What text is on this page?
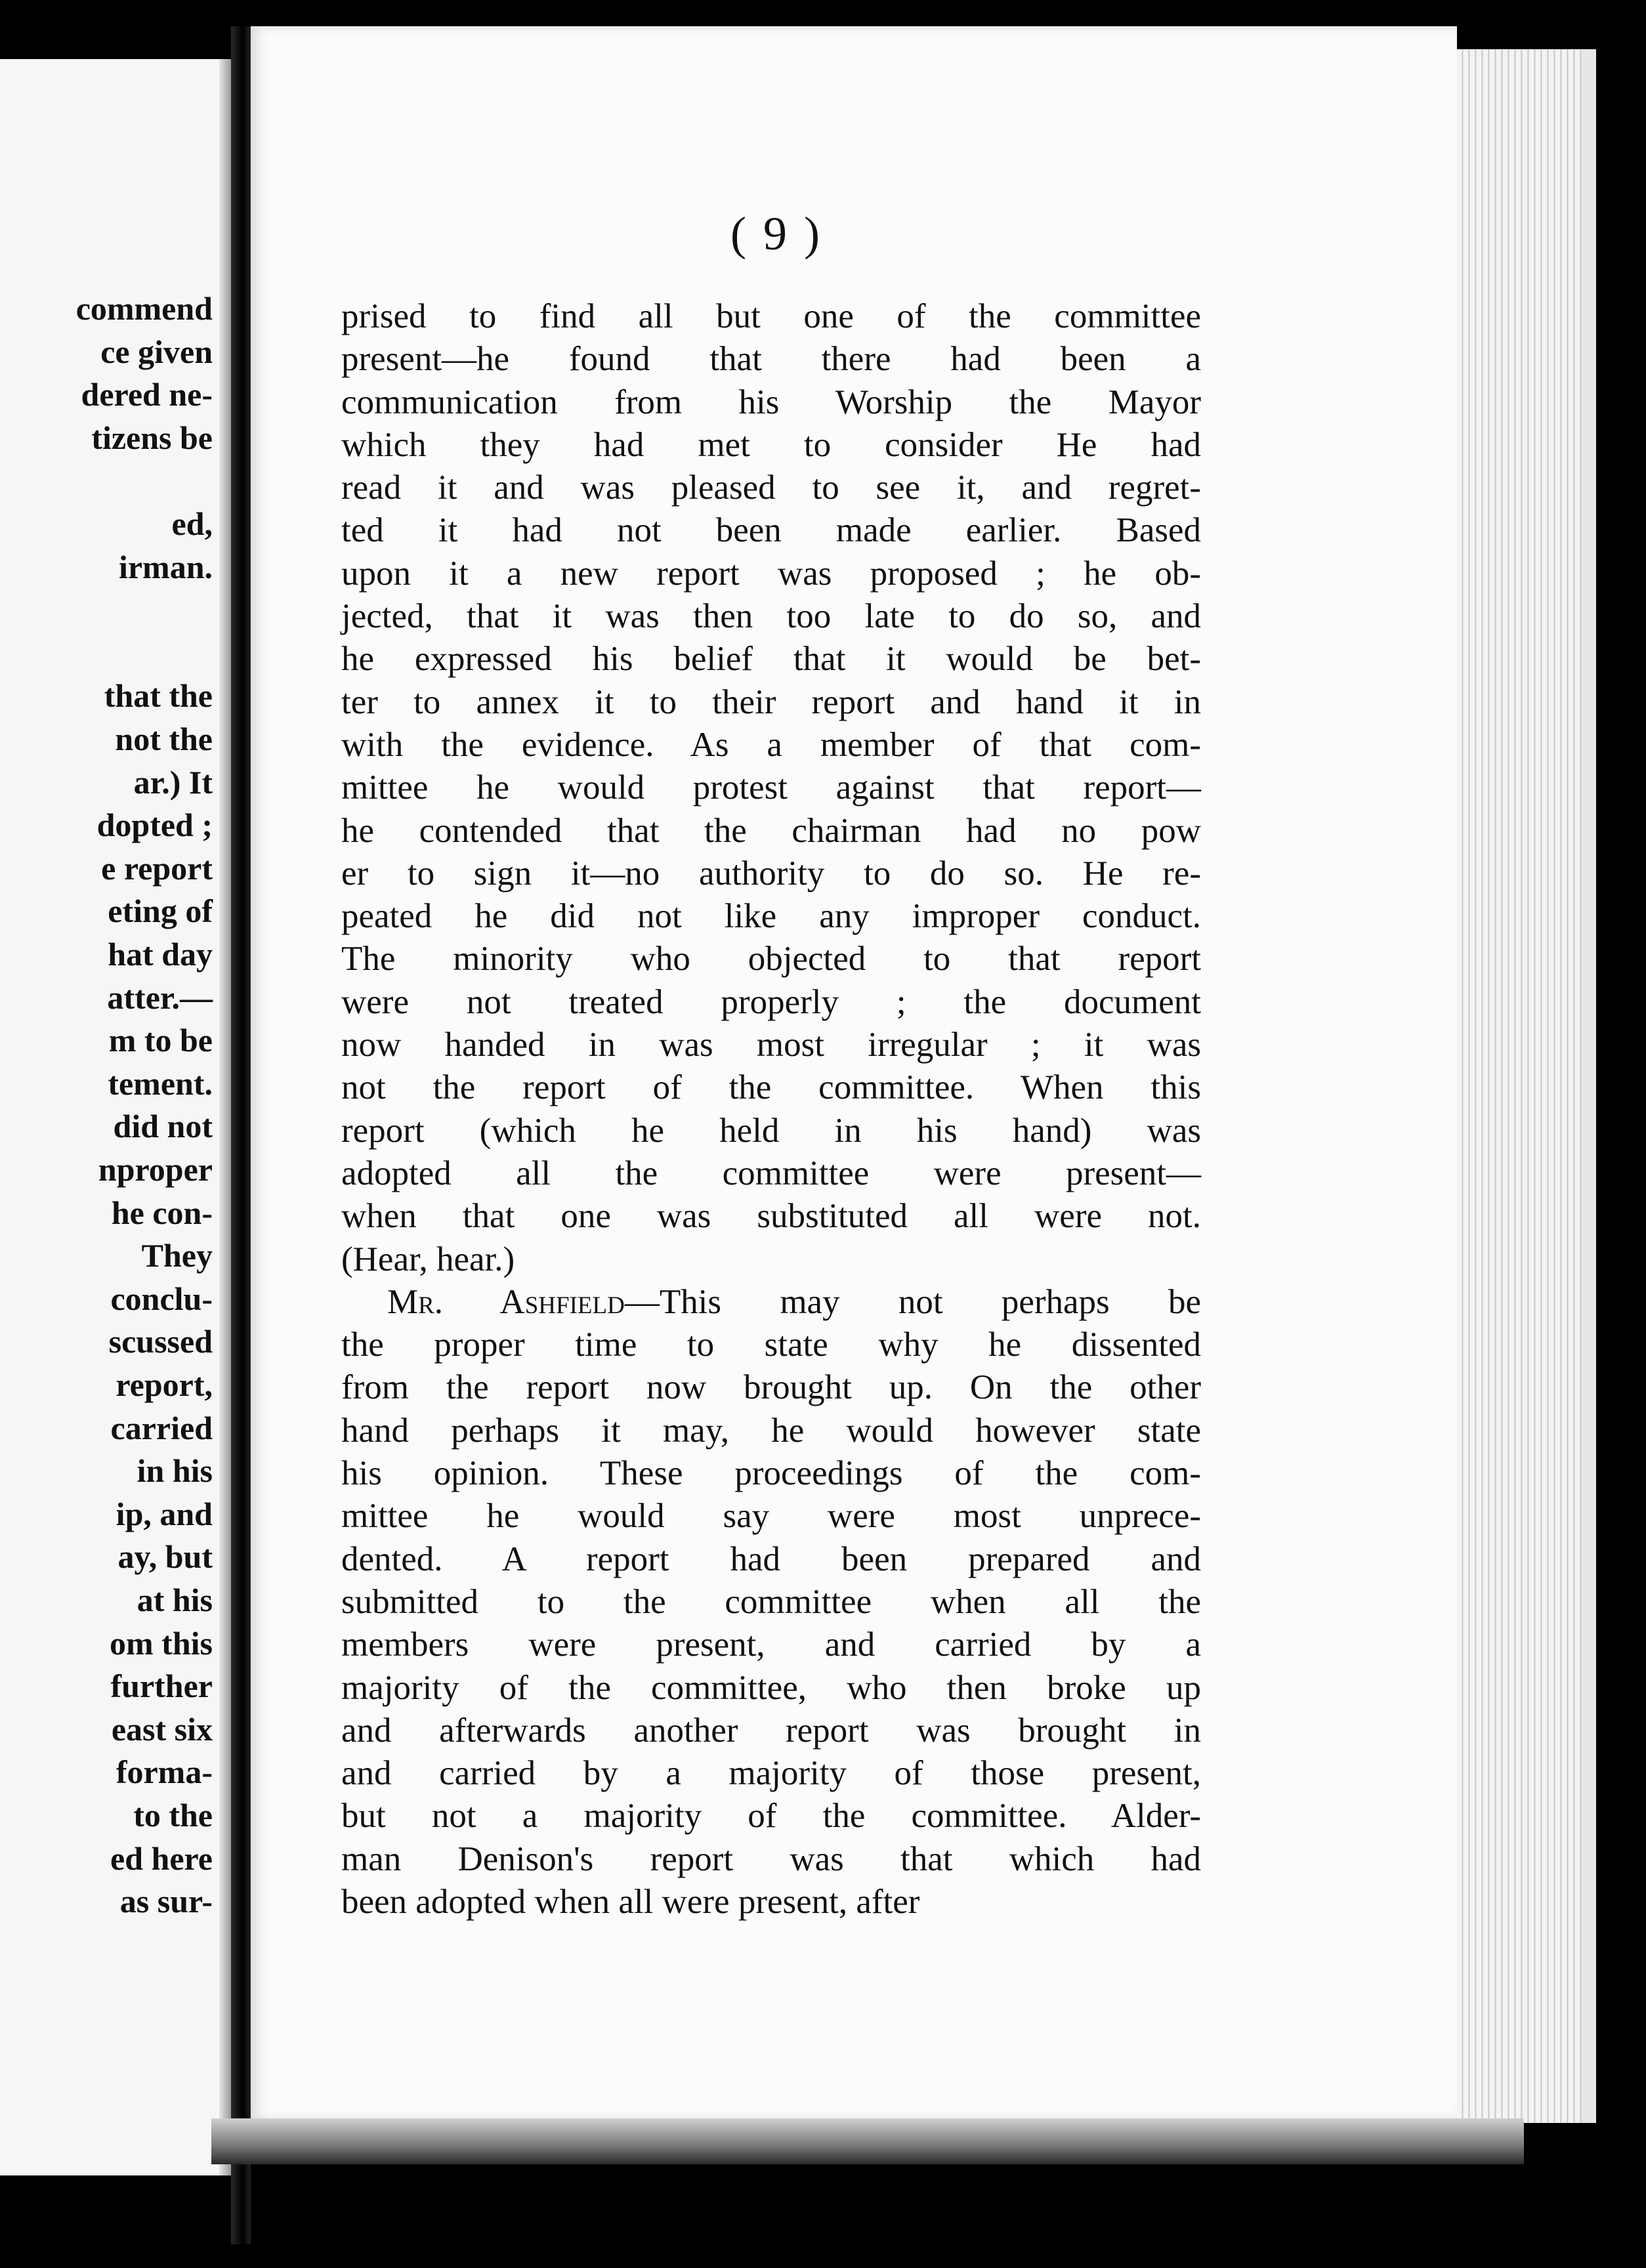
commend
ce given
dered ne-
tizens be
ed,
irman.
that the
not the
ar.) It
dopted ;
e report
eting of
hat day
atter.—
m to be
tement.
did not
nproper
he con-
They
conclu-
scussed
report,
carried
in his
ip, and
ay, but
at his
om this
further
east six
forma-
to the
ed here
as sur-
( 9 )
prised to find all but one of the committee
present—he found that there had been a
communication from his Worship the Mayor
which they had met to consider He had
read it and was pleased to see it, and regret-
ted it had not been made earlier. Based
upon it a new report was proposed ; he ob-
jected, that it was then too late to do so, and
he expressed his belief that it would be bet-
ter to annex it to their report and hand it in
with the evidence. As a member of that com-
mittee he would protest against that report—
he contended that the chairman had no pow
er to sign it—no authority to do so. He re-
peated he did not like any improper conduct.
The minority who objected to that report
were not treated properly ; the document
now handed in was most irregular ; it was
not the report of the committee. When this
report (which he held in his hand) was
adopted all the committee were present—
when that one was substituted all were not.
(Hear, hear.)
Mr. Ashfield—This may not perhaps be
the proper time to state why he dissented
from the report now brought up. On the other
hand perhaps it may, he would however state
his opinion. These proceedings of the com-
mittee he would say were most unprece-
dented. A report had been prepared and
submitted to the committee when all the
members were present, and carried by a
majority of the committee, who then broke up
and afterwards another report was brought in
and carried by a majority of those present,
but not a majority of the committee. Alder-
man Denison's report was that which had
been adopted when all were present, after
